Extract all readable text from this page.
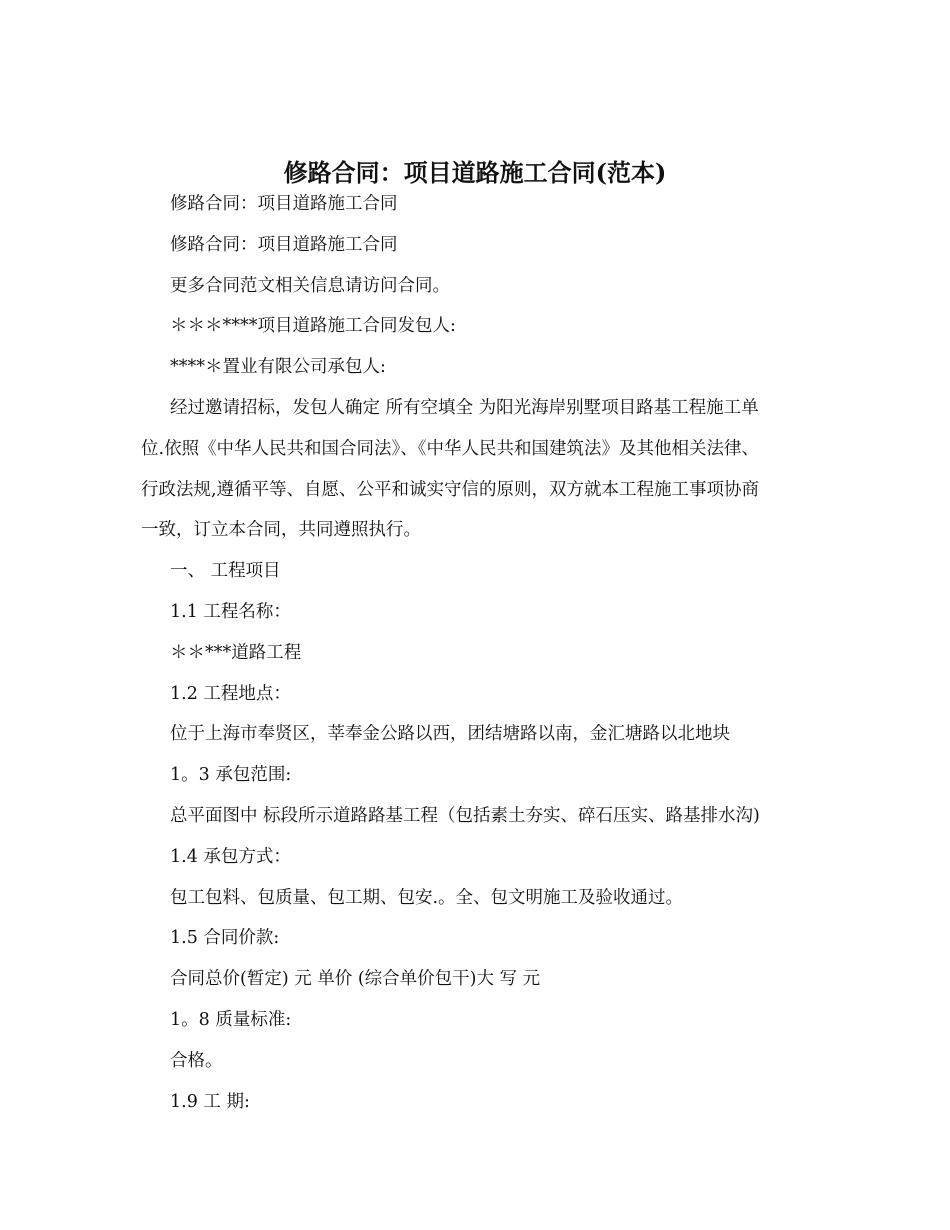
修路合同：项目道路施工合同(范本)

修路合同：项目道路施工合同

修路合同：项目道路施工合同

更多合同范文相关信息请访问合同。

＊＊＊****项目道路施工合同发包人:

****＊置业有限公司承包人:

经过邀请招标，发包人确定 所有空填全 为阳光海岸别墅项目路基工程施工单
位.依照《中华人民共和国合同法》、《中华人民共和国建筑法》及其他相关法律、
行政法规,遵循平等、自愿、公平和诚实守信的原则，双方就本工程施工事项协商
一致，订立本合同，共同遵照执行。

一、 工程项目

1.1 工程名称：

＊＊***道路工程

1.2 工程地点：

位于上海市奉贤区，莘奉金公路以西，团结塘路以南，金汇塘路以北地块

1。3 承包范围:

总平面图中 标段所示道路路基工程（包括素土夯实、碎石压实、路基排水沟)

1.4 承包方式：

包工包料、包质量、包工期、包安.。全、包文明施工及验收通过。

1.5 合同价款:

合同总价(暂定) 元 单价 (综合单价包干)大 写 元

1。8 质量标准:

合格。

1.9 工 期:
